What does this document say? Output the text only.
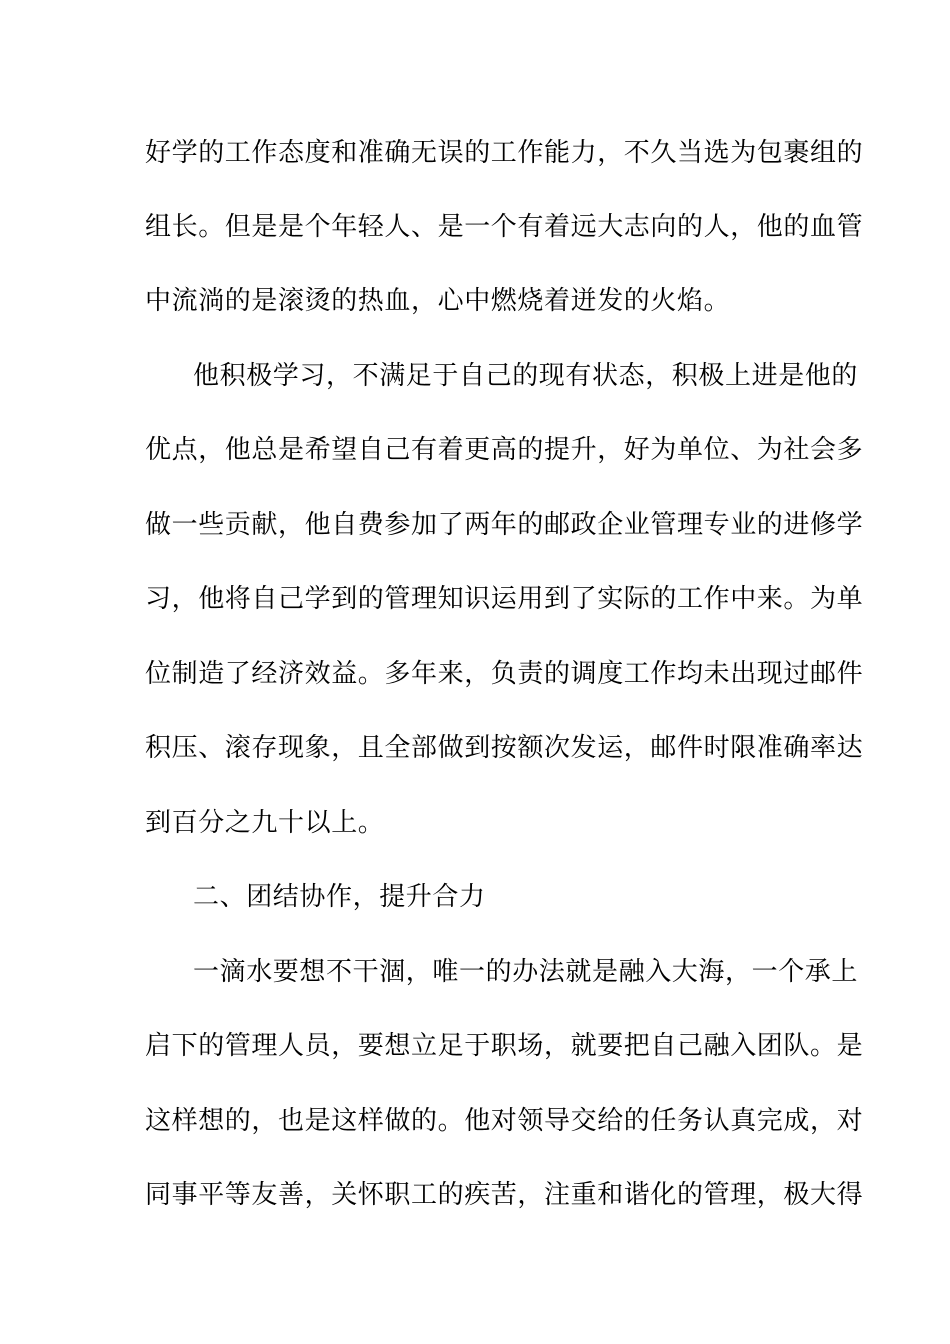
好学的工作态度和准确无误的工作能力，不久当选为包裹组的
组长。但是是个年轻人、是一个有着远大志向的人，他的血管
中流淌的是滚烫的热血，心中燃烧着迸发的火焰。
他积极学习，不满足于自己的现有状态，积极上进是他的
优点，他总是希望自己有着更高的提升，好为单位、为社会多
做一些贡献，他自费参加了两年的邮政企业管理专业的进修学
习，他将自己学到的管理知识运用到了实际的工作中来。为单
位制造了经济效益。多年来，负责的调度工作均未出现过邮件
积压、滚存现象，且全部做到按额次发运，邮件时限准确率达
到百分之九十以上。
二、团结协作，提升合力
一滴水要想不干涸，唯一的办法就是融入大海，一个承上
启下的管理人员，要想立足于职场，就要把自己融入团队。是
这样想的，也是这样做的。他对领导交给的任务认真完成，对
同事平等友善，关怀职工的疾苦，注重和谐化的管理，极大得
